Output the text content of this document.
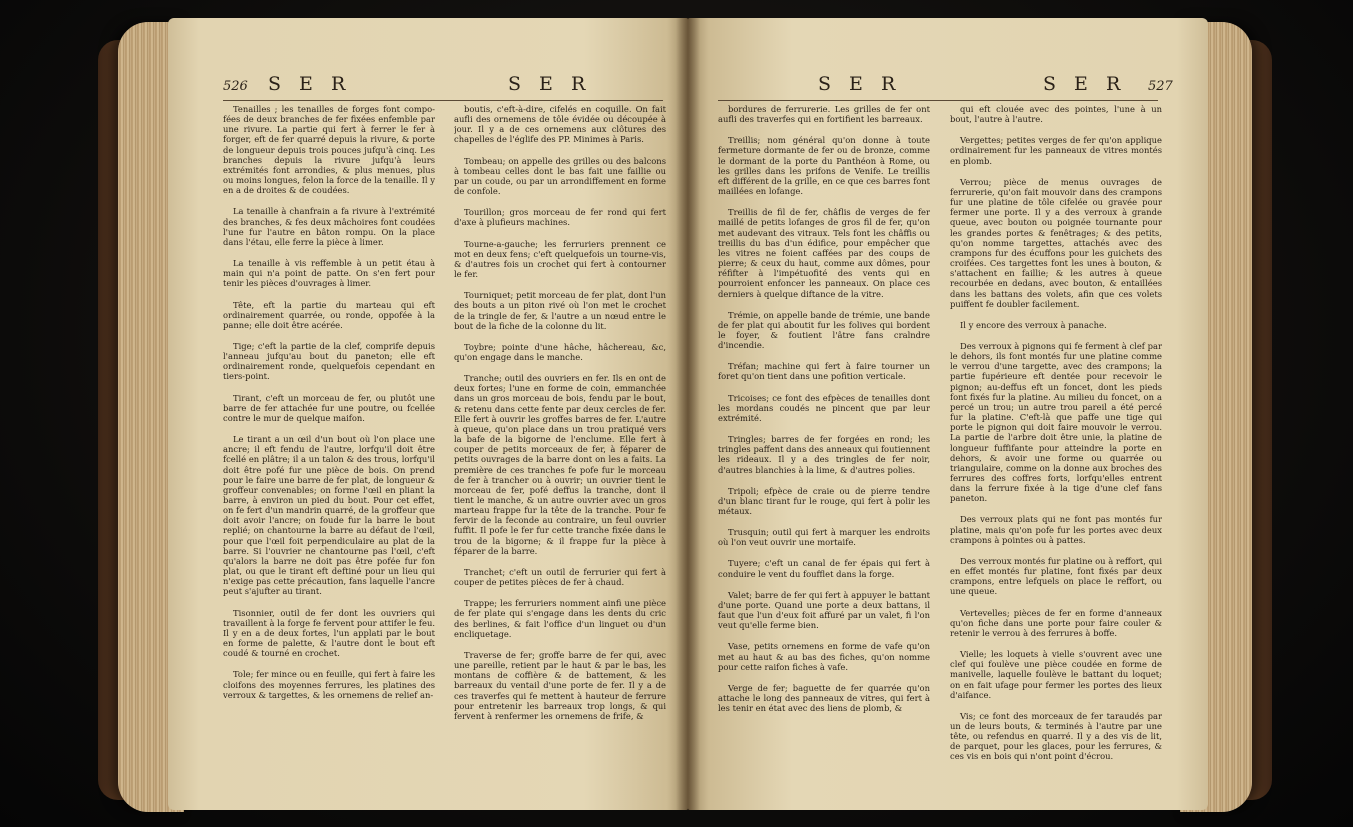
526 S E R	S E R

Tenailles ; les tenailles de forges font compo-fées de deux branches de fer fixées enfemble par une rivure. La partie qui fert à ferrer le fer à forger, eft de fer quarré depuis la rivure, & porte de longueur depuis trois pouces jufqu'à cinq. Les branches depuis la rivure jufqu'à leurs extrémités font arrondies, & plus menues, plus ou moins longues, felon la force de la tenaille. Il y en a de droites & de coudées.

La tenaille à chanfrain a fa rivure à l'extrémité des branches, & fes deux mâchoires font coudées l'une fur l'autre en bâton rompu. On la place dans l'étau, elle ferre la pièce à limer.

La tenaille à vis reffemble à un petit étau à main qui n'a point de patte. On s'en fert pour tenir les pièces d'ouvrages à limer.

Tête, eft la partie du marteau qui eft ordinairement quarrée, ou ronde, oppofée à la panne; elle doit être acérée.

Tige; c'eft la partie de la clef, comprife depuis l'anneau jufqu'au bout du paneton; elle eft ordinairement ronde, quelquefois cependant en tiers-point.

Tirant, c'eft un morceau de fer, ou plutôt une barre de fer attachée fur une poutre, ou fcellée contre le mur de quelque maifon.

Le tirant a un œil d'un bout où l'on place une ancre; il eft fendu de l'autre, lorfqu'il doit être fcellé en plâtre; il a un talon & des trous, lorfqu'il doit être pofé fur une pièce de bois. On prend pour le faire une barre de fer plat, de longueur & groffeur convenables; on forme l'œil en pliant la barre, à environ un pied du bout. Pour cet effet, on fe fert d'un mandrin quarré, de la groffeur que doit avoir l'ancre; on foude fur la barre le bout replié; on chantourne la barre au défaut de l'œil, pour que l'œil foit perpendiculaire au plat de la barre. Si l'ouvrier ne chantourne pas l'œil, c'eft qu'alors la barre ne doit pas être pofée fur fon plat, ou que le tirant eft deftiné pour un lieu qui n'exige pas cette précaution, fans laquelle l'ancre peut s'ajufter au tirant.

Tisonnier, outil de fer dont les ouvriers qui travaillent à la forge fe fervent pour attifer le feu. Il y en a de deux fortes, l'un applati par le bout en forme de palette, & l'autre dont le bout eft coudé & tourné en crochet.

Tole; fer mince ou en feuille, qui fert à faire les cloifons des moyennes ferrures, les platines des verroux & targettes, & les ornemens de relief an-

boutis, c'eft-à-dire, cifelés en coquille. On fait aufli des ornemens de tôle évidée ou découpée à jour. Il y a de ces ornemens aux clôtures des chapelles de l'églife des PP. Minimes à Paris.

Tombeau; on appelle des grilles ou des balcons à tombeau celles dont le bas fait une faillie ou par un coude, ou par un arrondiffement en forme de confole.

Tourillon; gros morceau de fer rond qui fert d'axe à plufieurs machines.

Tourne-a-gauche; les ferruriers prennent ce mot en deux fens; c'eft quelquefois un tourne-vis, & d'autres fois un crochet qui fert à contourner le fer.

Tourniquet; petit morceau de fer plat, dont l'un des bouts a un piton rivé où l'on met le crochet de la tringle de fer, & l'autre a un nœud entre le bout de la fiche de la colonne du lit.

Toybre; pointe d'une hâche, hâchereau, &c, qu'on engage dans le manche.

Tranche; outil des ouvriers en fer. Ils en ont de deux fortes; l'une en forme de coin, emmanchée dans un gros morceau de bois, fendu par le bout, & retenu dans cette fente par deux cercles de fer. Elle fert à ouvrir les groffes barres de fer. L'autre à queue, qu'on place dans un trou pratiqué vers la bafe de la bigorne de l'enclume. Elle fert à couper de petits morceaux de fer, à féparer de petits ouvrages de la barre dont on les a faits. La première de ces tranches fe pofe fur le morceau de fer à trancher ou à ouvrir; un ouvrier tient le morceau de fer, pofé deffus la tranche, dont il tient le manche, & un autre ouvrier avec un gros marteau frappe fur la tête de la tranche. Pour fe fervir de la feconde au contraire, un feul ouvrier fuffit. Il pofe le fer fur cette tranche fixée dans le trou de la bigorne; & il frappe fur la pièce à féparer de la barre.

Tranchet; c'eft un outil de ferrurier qui fert à couper de petites pièces de fer à chaud.

Trappe; les ferruriers nomment ainfi une pièce de fer plate qui s'engage dans les dents du cric des berlines, & fait l'office d'un linguet ou d'un encliquetage.

Traverse de fer; groffe barre de fer qui, avec une pareille, retient par le haut & par le bas, les montans de coffière & de battement, & les barreaux du ventail d'une porte de fer. Il y a de ces traverfes qui fe mettent à hauteur de ferrure pour entretenir les barreaux trop longs, & qui fervent à renfermer les ornemens de frife, &

S E R	S E R 527

bordures de ferrurerie. Les grilles de fer ont aufli des traverfes qui en fortifient les barreaux.

Treillis; nom général qu'on donne à toute fermeture dormante de fer ou de bronze, comme le dormant de la porte du Panthéon à Rome, ou les grilles dans les prifons de Venife. Le treillis eft différent de la grille, en ce que ces barres font maillées en lofange.

Treillis de fil de fer, châflis de verges de fer maillé de petits lofanges de gros fil de fer, qu'on met audevant des vitraux. Tels font les châffis ou treillis du bas d'un édifice, pour empêcher que les vitres ne foient caffées par des coups de pierre; & ceux du haut, comme aux dômes, pour réfifter à l'impétuofité des vents qui en pourroient enfoncer les panneaux. On place ces derniers à quelque diftance de la vitre.

Trémie, on appelle bande de trémie, une bande de fer plat qui aboutit fur les folives qui bordent le foyer, & foutient l'âtre fans cralndre d'incendie.

Tréfan; machine qui fert à faire tourner un foret qu'on tient dans une pofition verticale.

Tricoises; ce font des efpèces de tenailles dont les mordans coudés ne pincent que par leur extrémité.

Tringles; barres de fer forgées en rond; les tringles paffent dans des anneaux qui foutiennent les rideaux. Il y a des tringles de fer noir, d'autres blanchies à la lime, & d'autres polies.

Tripoli; efpèce de craie ou de pierre tendre d'un blanc tirant fur le rouge, qui fert à polir les métaux.

Trusquin; outil qui fert à marquer les endroits où l'on veut ouvrir une mortaife.

Tuyere; c'eft un canal de fer épais qui fert à conduire le vent du foufflet dans la forge.

Valet; barre de fer qui fert à appuyer le battant d'une porte. Quand une porte a deux battans, il faut que l'un d'eux foit affuré par un valet, fi l'on veut qu'elle ferme bien.

Vase, petits ornemens en forme de vafe qu'on met au haut & au bas des fiches, qu'on nomme pour cette raifon fiches à vafe.

Verge de fer; baguette de fer quarrée qu'on attache le long des panneaux de vitres, qui fert à les tenir en état avec des liens de plomb, &

qui eft clouée avec des pointes, l'une à un bout, l'autre à l'autre.

Vergettes; petites verges de fer qu'on applique ordinairement fur les panneaux de vitres montés en plomb.

Verrou; pièce de menus ouvrages de ferrurerie, qu'on fait mouvoir dans des crampons fur une platine de tôle cifelée ou gravée pour fermer une porte. Il y a des verroux à grande queue, avec bouton ou poignée tournante pour les grandes portes & fenêtrages; & des petits, qu'on nomme targettes, attachés avec des crampons fur des écuffons pour les guichets des croifées. Ces targettes font les unes à bouton, & s'attachent en faillie; & les autres à queue recourbée en dedans, avec bouton, & entaillées dans les battans des volets, afin que ces volets puiffent fe doubler facilement.

Il y encore des verroux à panache.

Des verroux à pignons qui fe ferment à clef par le dehors, ils font montés fur une platine comme le verrou d'une targette, avec des crampons; la partie fupérieure eft dentée pour recevoir le pignon; au-deffus eft un foncet, dont les pieds font fixés fur la platine. Au milieu du foncet, on a percé un trou; un autre trou pareil a été percé fur la platine. C'eft-là que paffe une tige qui porte le pignon qui doit faire mouvoir le verrou. La partie de l'arbre doit être unie, la platine de longueur fuffifante pour atteindre la porte en dehors, & avoir une forme ou quarrée ou triangulaire, comme on la donne aux broches des ferrures des coffres forts, lorfqu'elles entrent dans la ferrure fixée à la tige d'une clef fans paneton.

Des verroux plats qui ne font pas montés fur platine, mais qu'on pofe fur les portes avec deux crampons à pointes ou à pattes.

Des verroux montés fur platine ou à reffort, qui en effet montés fur platine, font fixés par deux crampons, entre lefquels on place le reffort, ou une queue.

Vertevelles; pièces de fer en forme d'anneaux qu'on fiche dans une porte pour faire couler & retenir le verrou à des ferrures à boffe.

Vielle; les loquets à vielle s'ouvrent avec une clef qui foulève une pièce coudée en forme de manivelle, laquelle foulève le battant du loquet; on en fait ufage pour fermer les portes des lieux d'aifance.

Vis; ce font des morceaux de fer taraudés par un de leurs bouts, & terminés à l'autre par une tête, ou refendus en quarré. Il y a des vis de lit, de parquet, pour les glaces, pour les ferrures, & ces vis en bois qui n'ont point d'écrou.
